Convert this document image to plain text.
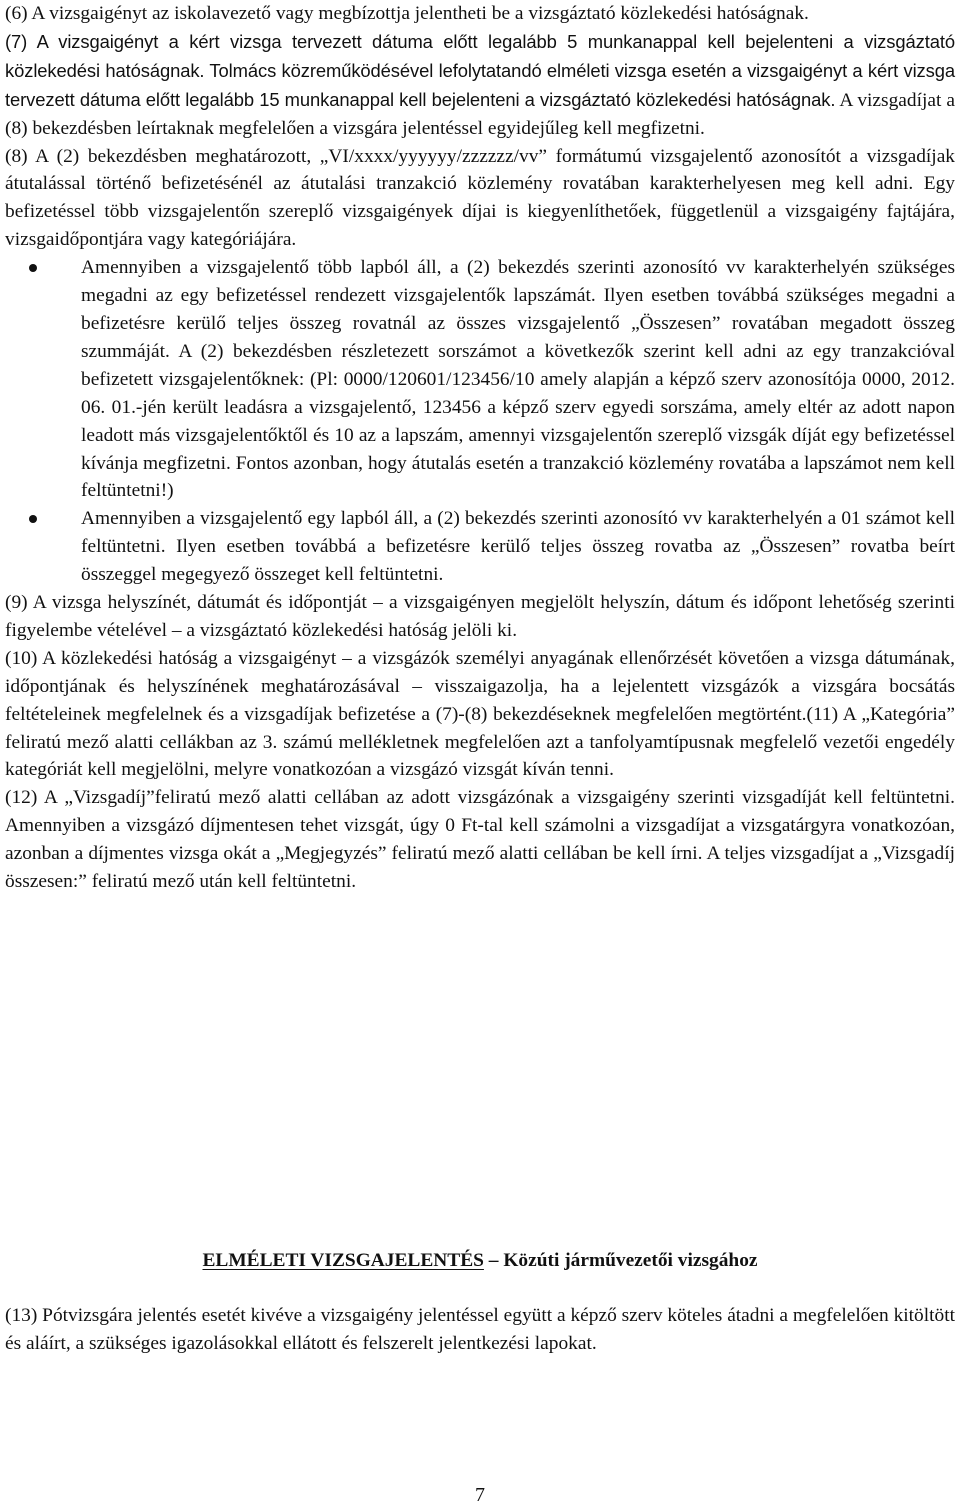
(6) A vizsgaigényt az iskolavezető vagy megbízottja jelentheti be a vizsgáztató közlekedési hatóságnak.

(7) A vizsgaigényt a kért vizsga tervezett dátuma előtt legalább 5 munkanappal kell bejelenteni a vizsgáztató közlekedési hatóságnak. Tolmács közreműködésével lefolytatandó elméleti vizsga esetén a vizsgaigényt a kért vizsga tervezett dátuma előtt legalább 15 munkanappal kell bejelenteni a vizsgáztató közlekedési hatóságnak. A vizsgadíjat a (8) bekezdésben leírtaknak megfelelően a vizsgára jelentéssel egyidejűleg kell megfizetni.

(8) A (2) bekezdésben meghatározott, „VI/xxxx/yyyyyy/zzzzzz/vv” formátumú vizsgajelentő azonosítót a vizsgadíjak átutalással történő befizetésénél az átutalási tranzakció közlemény rovatában karakterhelyesen meg kell adni. Egy befizetéssel több vizsgajelentőn szereplő vizsgaigények díjai is kiegyenlíthetőek, függetlenül a vizsgaigény fajtájára, vizsgaidőpontjára vagy kategóriájára.

Amennyiben a vizsgajelentő több lapból áll, a (2) bekezdés szerinti azonosító vv karakterhelyén szükséges megadni az egy befizetéssel rendezett vizsgajelentők lapszámát. Ilyen esetben továbbá szükséges megadni a befizetésre kerülő teljes összeg rovatnál az összes vizsgajelentő „Összesen” rovatában megadott összeg szummáját. A (2) bekezdésben részletezett sorszámot a következők szerint kell adni az egy tranzakcióval befizetett vizsgajelentőknek: (Pl: 0000/120601/123456/10 amely alapján a képző szerv azonosítója 0000, 2012. 06. 01.-jén került leadásra a vizsgajelentő, 123456 a képző szerv egyedi sorszáma, amely eltér az adott napon leadott más vizsgajelentőktől és 10 az a lapszám, amennyi vizsgajelentőn szereplő vizsgák díját egy befizetéssel kívánja megfizetni. Fontos azonban, hogy átutalás esetén a tranzakció közlemény rovatába a lapszámot nem kell feltüntetni!)
Amennyiben a vizsgajelentő egy lapból áll, a (2) bekezdés szerinti azonosító vv karakterhelyén a 01 számot kell feltüntetni. Ilyen esetben továbbá a befizetésre kerülő teljes összeg rovatba az „Összesen” rovatba beírt összeggel megegyező összeget kell feltüntetni.

(9) A vizsga helyszínét, dátumát és időpontját – a vizsgaigényen megjelölt helyszín, dátum és időpont lehetőség szerinti figyelembe vételével – a vizsgáztató közlekedési hatóság jelöli ki.

(10) A közlekedési hatóság a vizsgaigényt – a vizsgázók személyi anyagának ellenőrzését követően a vizsga dátumának, időpontjának és helyszínének meghatározásával – visszaigazolja, ha a lejelentett vizsgázók a vizsgára bocsátás feltételeinek megfelelnek és a vizsgadíjak befizetése a (7)-(8) bekezdéseknek megfelelően megtörtént.(11) A „Kategória” feliratú mező alatti cellákban az 3. számú mellékletnek megfelelően azt a tanfolyamtípusnak megfelelő vezetői engedély kategóriát kell megjelölni, melyre vonatkozóan a vizsgázó vizsgát kíván tenni.

(12) A „Vizsgadíj”feliratú mező alatti cellában az adott vizsgázónak a vizsgaigény szerinti vizsgadíját kell feltüntetni. Amennyiben a vizsgázó díjmentesen tehet vizsgát, úgy 0 Ft-tal kell számolni a vizsgadíjat a vizsgatárgyra vonatkozóan, azonban a díjmentes vizsga okát a „Megjegyzés” feliratú mező alatti cellában be kell írni. A teljes vizsgadíjat a „Vizsgadíj összesen:” feliratú mező után kell feltüntetni.

ELMÉLETI VIZSGAJELENTÉS – Közúti járművezetői vizsgához

(13) Pótvizsgára jelentés esetét kivéve a vizsgaigény jelentéssel együtt a képző szerv köteles átadni a megfelelően kitöltött és aláírt, a szükséges igazolásokkal ellátott és felszerelt jelentkezési lapokat.

7
